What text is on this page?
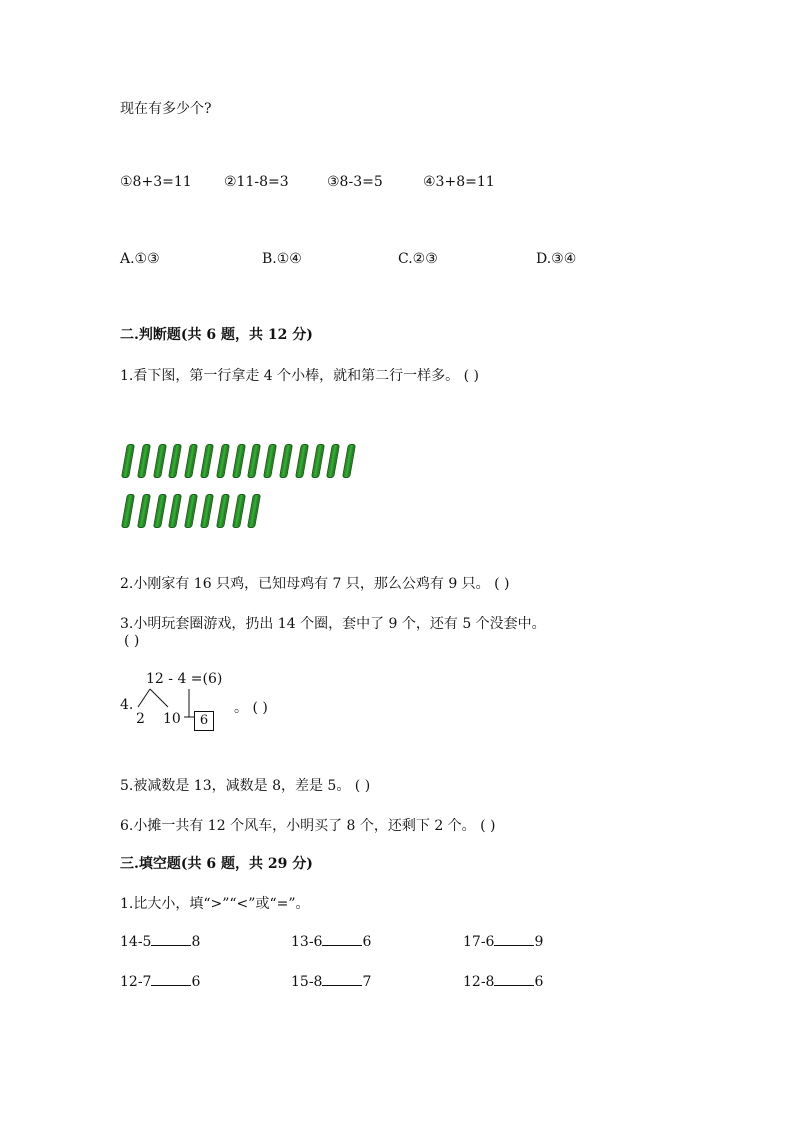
现在有多少个?
①8+3=11 ②11-8=3	③8-3=5	④3+8=11
A.①③	B.①④	C.②③	D.③④
二.判断题(共 6 题，共 12 分)
1.看下图，第一行拿走 4 个小棒，就和第二行一样多。 ( )
2.小刚家有 16 只鸡，已知母鸡有 7 只，那么公鸡有 9 只。 ( )
3.小明玩套圈游戏，扔出 14 个圈，套中了 9 个，还有 5 个没套中。
( )
4.
12 - 4 =(6)
2 10	6
。 ( )
5.被减数是 13，减数是 8，差是 5。 ( )
6.小摊一共有 12 个风车，小明买了 8 个，还剩下 2 个。 ( )
三.填空题(共 6 题，共 29 分)
1.比大小，填“>”“<”或“=”。
14-5	8	13-6	6	17-6	9
12-7	6	15-8	7	12-8	6
